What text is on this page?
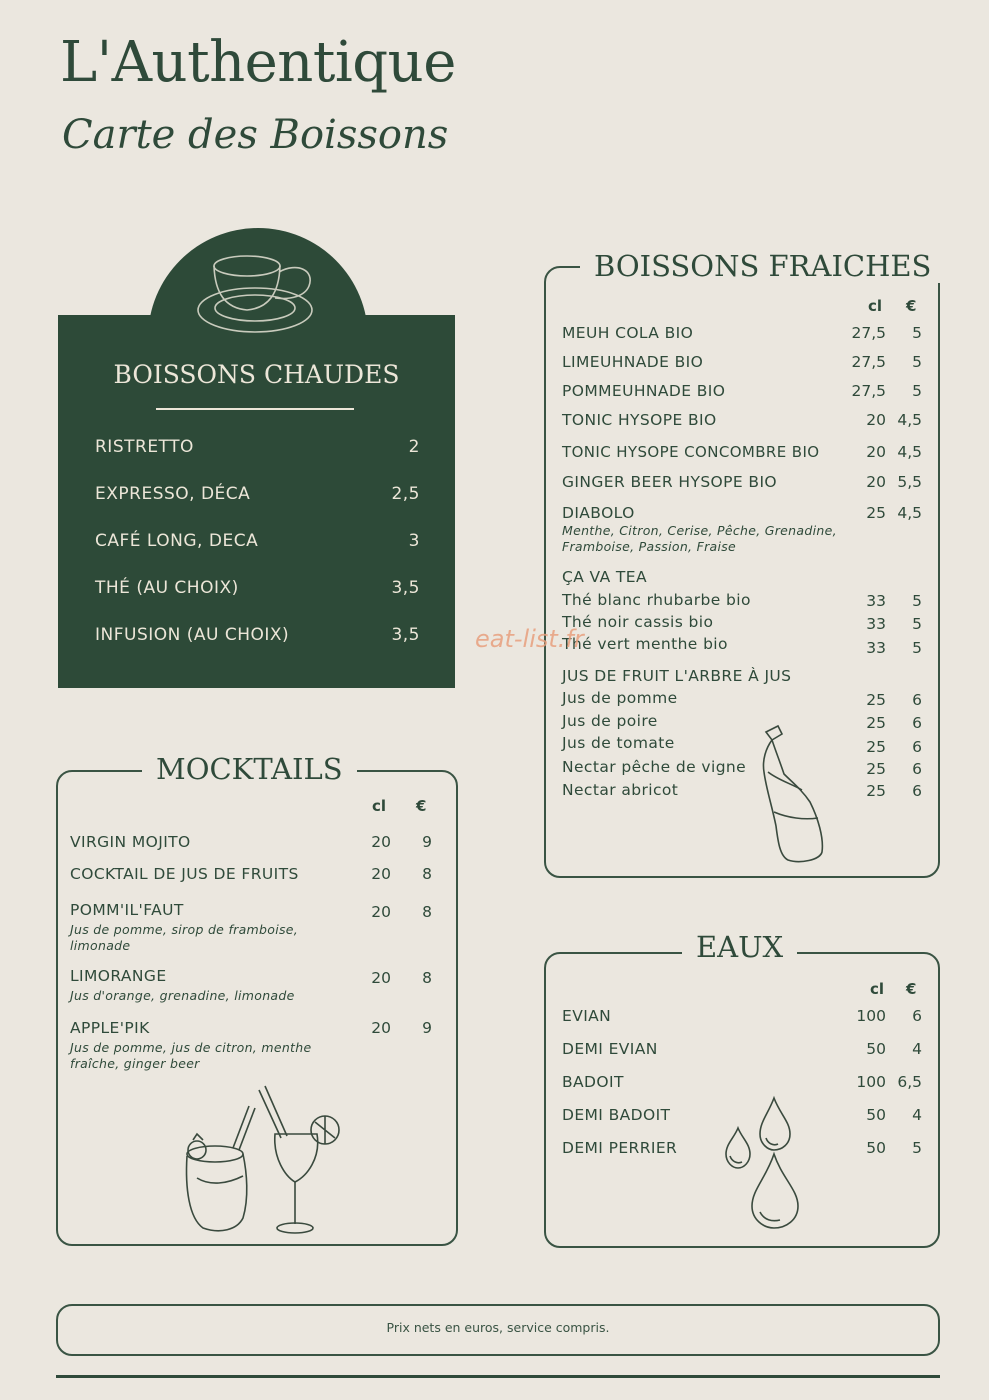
L'Authentique
Carte des Boissons
BOISSONS CHAUDES
RISTRETTO	2
EXPRESSO, DÉCA	2,5
CAFÉ LONG, DECA	3
THÉ (AU CHOIX)	3,5
INFUSION (AU CHOIX)	3,5
MOCKTAILS
cl €
VIRGIN MOJITO	20	9
COCKTAIL DE JUS DE FRUITS	20	8
POMM'IL'FAUT	20	8
Jus de pomme, sirop de framboise, limonade
LIMORANGE	20	8
Jus d'orange, grenadine, limonade
APPLE'PIK	20	9
Jus de pomme, jus de citron, menthe fraîche, ginger beer
BOISSONS FRAICHES
cl €
MEUH COLA BIO	27,5	5
LIMEUHNADE BIO	27,5	5
POMMEUHNADE BIO	27,5	5
TONIC HYSOPE BIO	20 4,5
TONIC HYSOPE CONCOMBRE BIO	20 4,5
GINGER BEER HYSOPE BIO	20 5,5
DIABOLO	25 4,5
Menthe, Citron, Cerise, Pêche, Grenadine, Framboise, Passion, Fraise
ÇA VA TEA
Thé blanc rhubarbe bio	33	5
Thé noir cassis bio	33	5
Thé vert menthe bio	33	5
JUS DE FRUIT L'ARBRE À JUS
Jus de pomme	25	6
Jus de poire	25	6
Jus de tomate	25	6
Nectar pêche de vigne	25	6
Nectar abricot	25	6
EAUX
cl €
EVIAN	100	6
DEMI EVIAN	50	4
BADOIT	100 6,5
DEMI BADOIT	50	4
DEMI PERRIER	50	5
eat-list.fr
Prix nets en euros, service compris.
